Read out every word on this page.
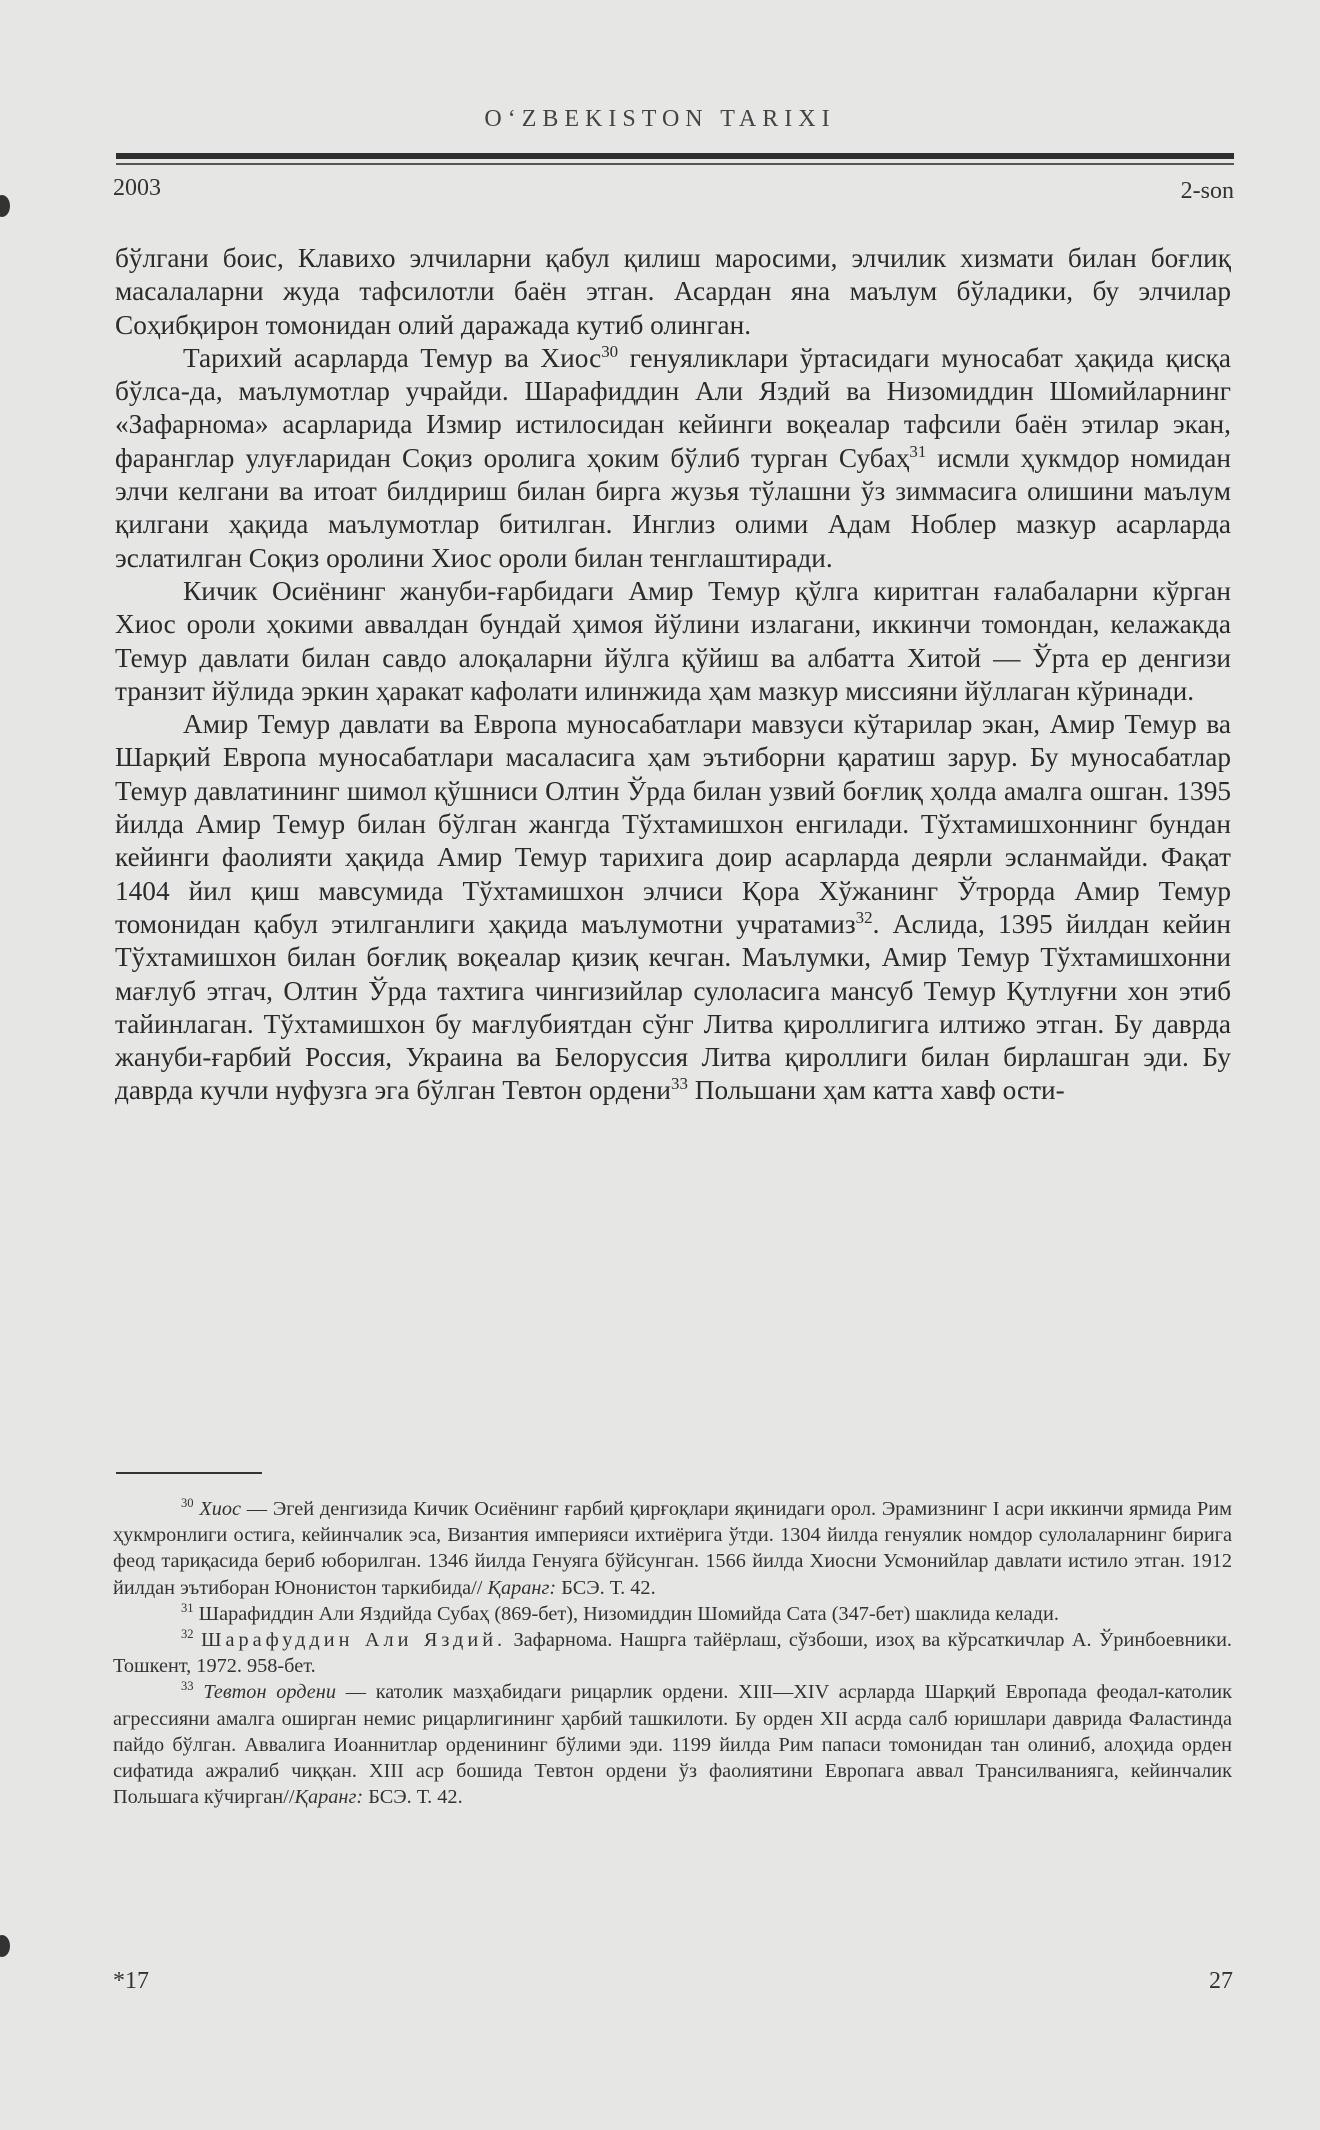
O‘ZBEKISTON TARIXI
2003	2-son

бўлгани боис, Клавихо элчиларни қабул қилиш маросими, элчилик хизмати билан боғлиқ масалаларни жуда тафсилотли баён этган. Асардан яна маълум бўладики, бу элчилар Соҳибқирон томонидан олий даражада кутиб олинган.

Тарихий асарларда Темур ва Хиос$^{30}$ генуяликлари ўртасидаги муносабат ҳақида қисқа бўлса-да, маълумотлар учрайди. Шарафиддин Али Яздий ва Низомиддин Шомийларнинг «Зафарнома» асарларида Измир истилосидан кейинги воқеалар тафсили баён этилар экан, фаранглар улуғларидан Соқиз оролига ҳоким бўлиб турган Субаҳ$^{31}$ исмли ҳукмдор номидан элчи келгани ва итоат билдириш билан бирга жузья тўлашни ўз зиммасига олишини маълум қилгани ҳақида маълумотлар битилган. Инглиз олими Адам Ноблер мазкур асарларда эслатилган Соқиз оролини Хиос ороли билан тенглаштиради.

Кичик Осиёнинг жануби-ғарбидаги Амир Темур қўлга киритган ғалабаларни кўрган Хиос ороли ҳокими аввалдан бундай ҳимоя йўлини излагани, иккинчи томондан, келажакда Темур давлати билан савдо алоқаларни йўлга қўйиш ва албатта Хитой — Ўрта ер денгизи транзит йўлида эркин ҳаракат кафолати илинжида ҳам мазкур миссияни йўллаган кўринади.

Амир Темур давлати ва Европа муносабатлари мавзуси кўтарилар экан, Амир Темур ва Шарқий Европа муносабатлари масаласига ҳам эътиборни қаратиш зарур. Бу муносабатлар Темур давлатининг шимол қўшниси Олтин Ўрда билан узвий боғлиқ ҳолда амалга ошган. 1395 йилда Амир Темур билан бўлган жангда Тўхтамишхон енгилади. Тўхтамишхоннинг бундан кейинги фаолияти ҳақида Амир Темур тарихига доир асарларда деярли эсланмайди. Фақат 1404 йил қиш мавсумида Тўхтамишхон элчиси Қора Хўжанинг Ўтрорда Амир Темур томонидан қабул этилганлиги ҳақида маълумотни учратамиз$^{32}$. Аслида, 1395 йилдан кейин Тўхтамишхон билан боғлиқ воқеалар қизиқ кечган. Маълумки, Амир Темур Тўхтамишхонни мағлуб этгач, Олтин Ўрда тахтига чингизийлар сулоласига мансуб Темур Қутлуғни хон этиб тайинлаган. Тўхтамишхон бу мағлубиятдан сўнг Литва қироллигига илтижо этган. Бу даврда жануби-ғарбий Россия, Украина ва Белоруссия Литва қироллиги билан бирлашган эди. Бу даврда кучли нуфузга эга бўлган Тевтон ордени$^{33}$ Польшани ҳам катта хавф ости-

$^{30}$ Хиос — Эгей денгизида Кичик Осиёнинг ғарбий қирғоқлари яқинидаги орол. Эрамизнинг I асри иккинчи ярмида Рим ҳукмронлиги остига, кейинчалик эса, Византия империяси ихтиёрига ўтди. 1304 йилда генуялик номдор сулолаларнинг бирига феод тариқасида бериб юборилган. 1346 йилда Генуяга бўйсунган. 1566 йилда Хиосни Усмонийлар давлати истило этган. 1912 йилдан эътиборан Юнонистон таркибида// Қаранг: БСЭ. Т. 42.

$^{31}$ Шарафиддин Али Яздийда Субаҳ (869-бет), Низомиддин Шомийда Сата (347-бет) шаклида келади.

$^{32}$ Шарафуддин Али Яздий. Зафарнома. Нашрга тайёрлаш, сўзбоши, изоҳ ва кўрсаткичлар А. Ўринбоевники. Тошкент, 1972. 958-бет.

$^{33}$ Тевтон ордени — католик мазҳабидаги рицарлик ордени. XIII—XIV асрларда Шарқий Европада феодал-католик агрессияни амалга оширган немис рицарлигининг ҳарбий ташкилоти. Бу орден XII асрда салб юришлари даврида Фаластинда пайдо бўлган. Аввалига Иоаннитлар орденининг бўлими эди. 1199 йилда Рим папаси томонидан тан олиниб, алоҳида орден сифатида ажралиб чиққан. XIII аср бошида Тевтон ордени ўз фаолиятини Европага аввал Трансилванияга, кейинчалик Польшага кўчирган//Қаранг: БСЭ. Т. 42.

*17	27
